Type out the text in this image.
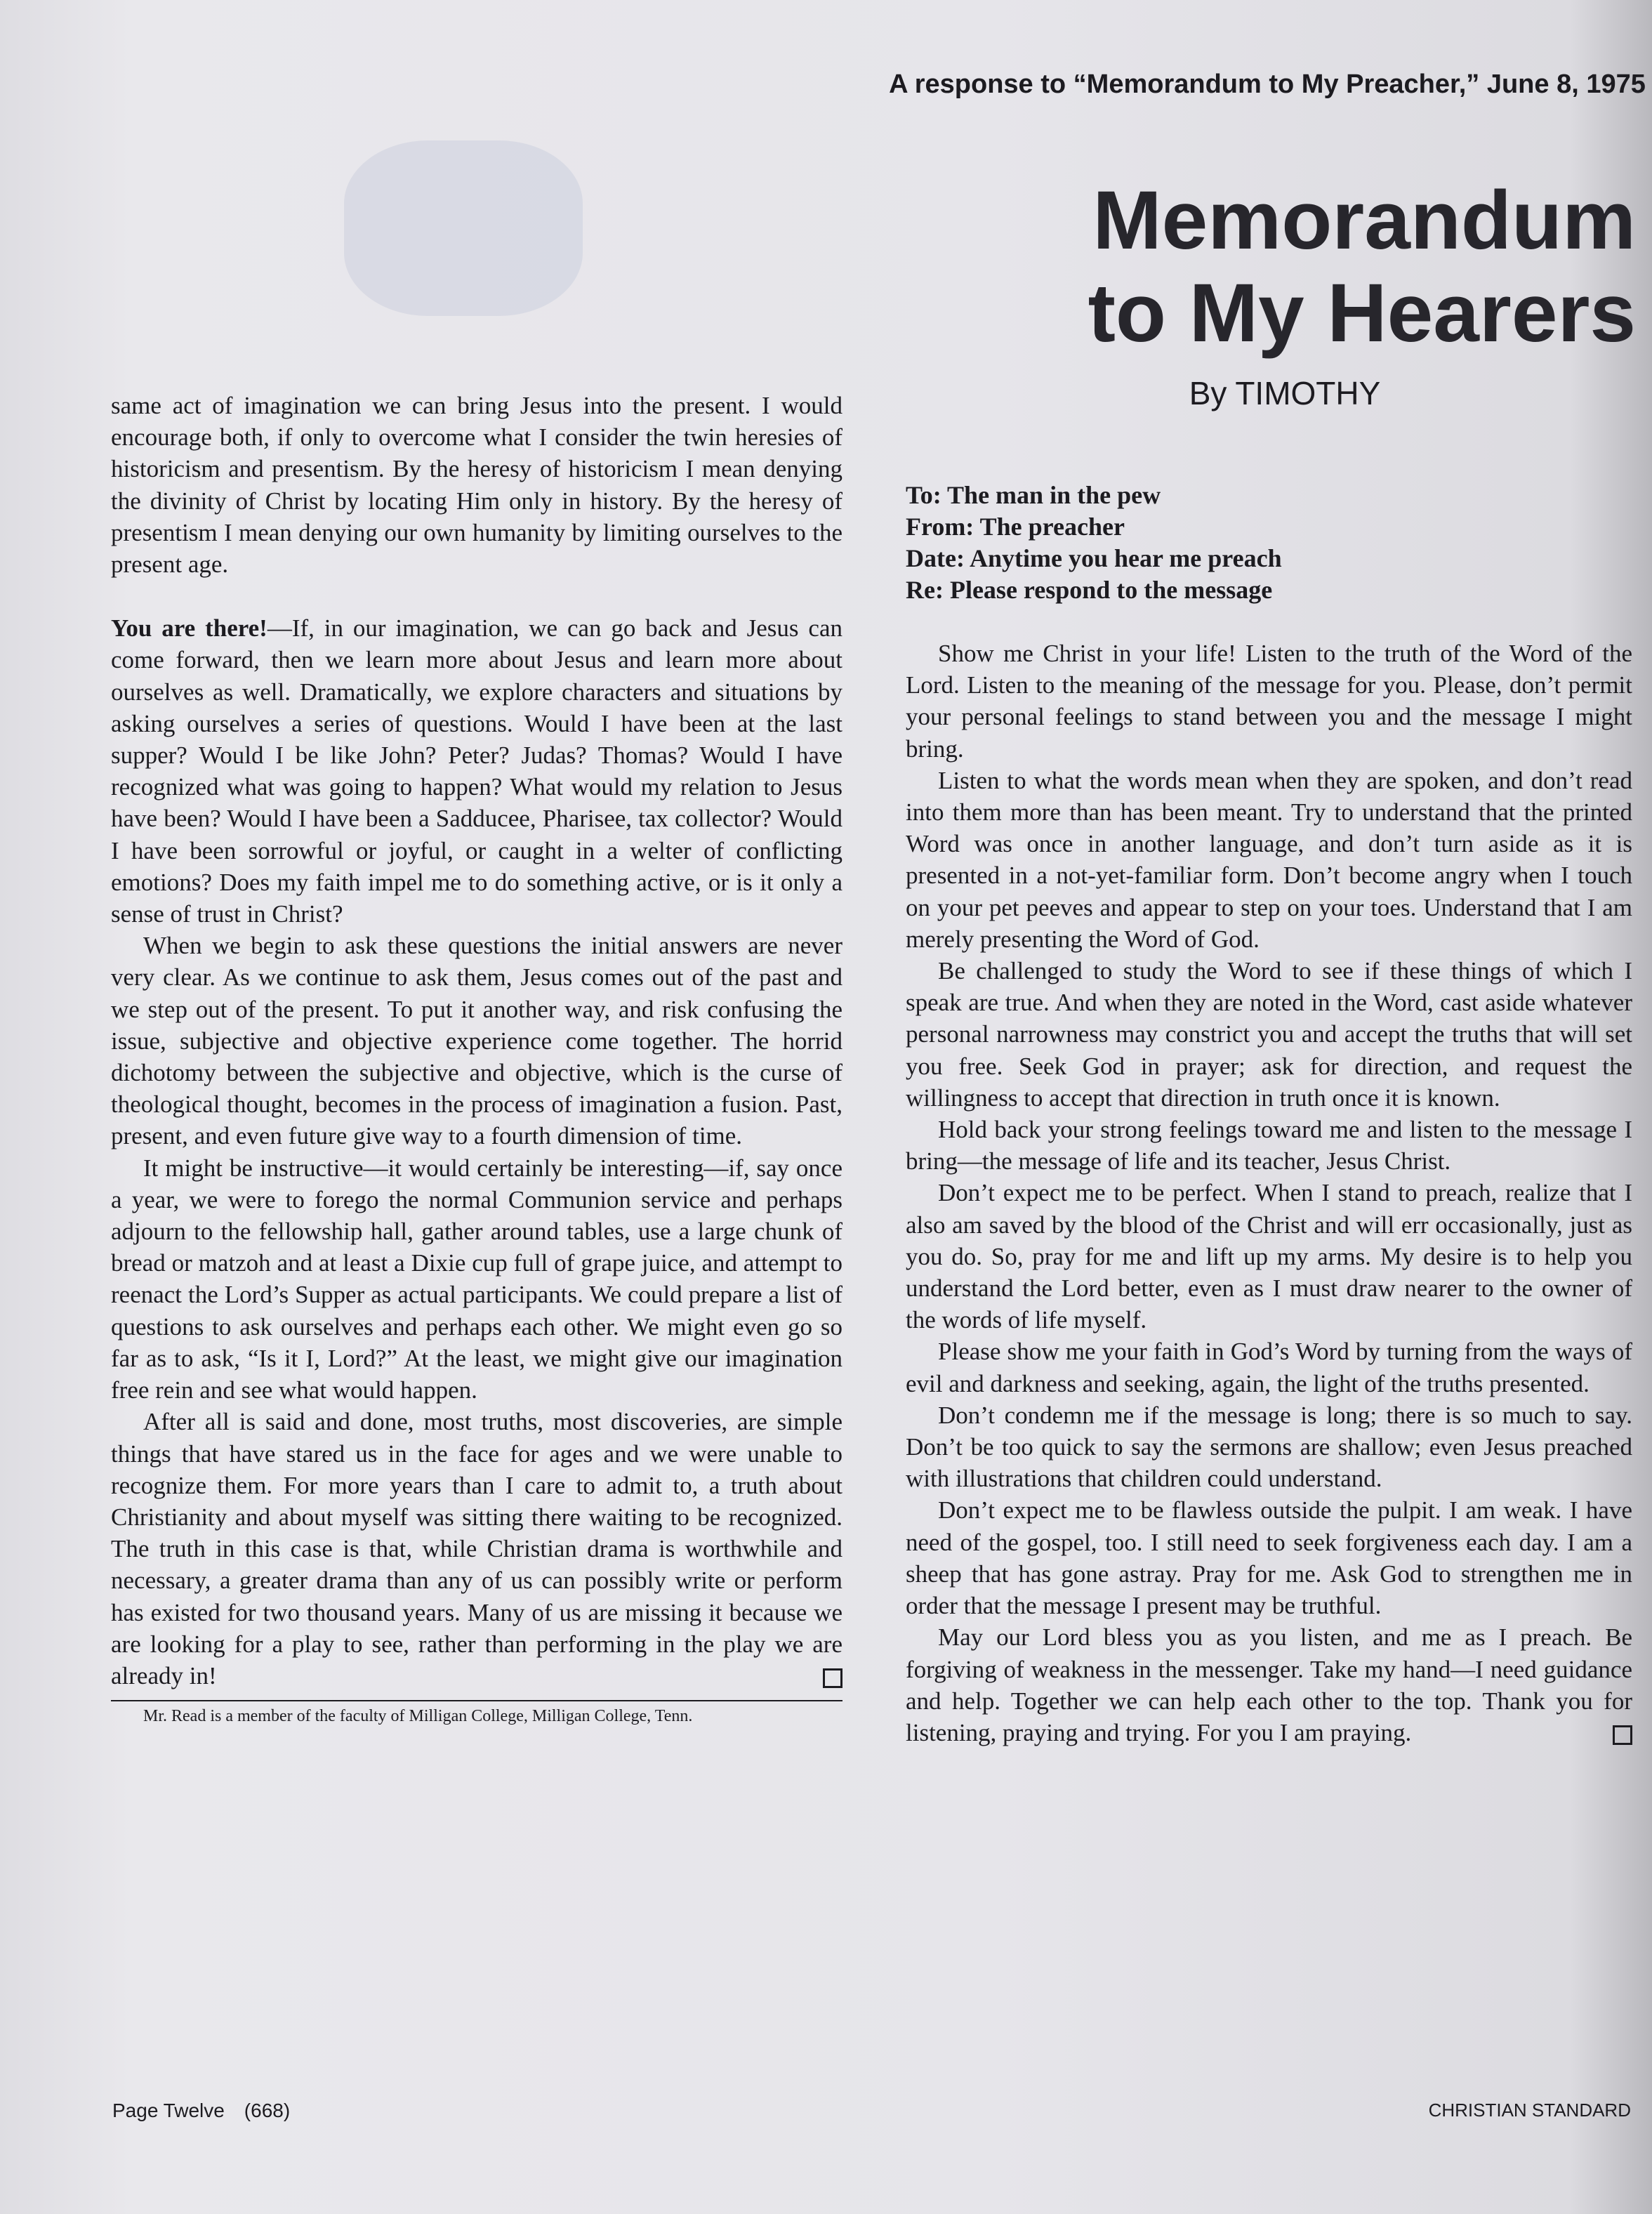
A response to “Memorandum to My Preacher,” June 8, 1975
Memorandum
to My Hearers
By TIMOTHY
To: The man in the pew
From: The preacher
Date: Anytime you hear me preach
Re: Please respond to the message

same act of imagination we can bring Jesus into the present. I would encourage both, if only to overcome what I consider the twin heresies of historicism and presentism. By the heresy of historicism I mean denying the divinity of Christ by locating Him only in history. By the heresy of presentism I mean denying our own humanity by limiting ourselves to the present age.

You are there!—If, in our imagination, we can go back and Jesus can come forward, then we learn more about Jesus and learn more about ourselves as well. Dramatically, we explore characters and situations by asking ourselves a series of questions. Would I have been at the last supper? Would I be like John? Peter? Judas? Thomas? Would I have recognized what was going to happen? What would my relation to Jesus have been? Would I have been a Sadducee, Pharisee, tax collector? Would I have been sorrowful or joyful, or caught in a welter of conflicting emotions? Does my faith impel me to do something active, or is it only a sense of trust in Christ?

When we begin to ask these questions the initial answers are never very clear. As we continue to ask them, Jesus comes out of the past and we step out of the present. To put it another way, and risk confusing the issue, subjective and objective experience come together. The horrid dichotomy between the subjective and objective, which is the curse of theological thought, becomes in the process of imagination a fusion. Past, present, and even future give way to a fourth dimension of time.

It might be instructive—it would certainly be interesting—if, say once a year, we were to forego the normal Communion service and perhaps adjourn to the fellowship hall, gather around tables, use a large chunk of bread or matzoh and at least a Dixie cup full of grape juice, and attempt to reenact the Lord’s Supper as actual participants. We could prepare a list of questions to ask ourselves and perhaps each other. We might even go so far as to ask, “Is it I, Lord?” At the least, we might give our imagination free rein and see what would happen.

After all is said and done, most truths, most discoveries, are simple things that have stared us in the face for ages and we were unable to recognize them. For more years than I care to admit to, a truth about Christianity and about myself was sitting there waiting to be recognized. The truth in this case is that, while Christian drama is worthwhile and necessary, a greater drama than any of us can possibly write or perform has existed for two thousand years. Many of us are missing it because we are looking for a play to see, rather than performing in the play we are already in!

Mr. Read is a member of the faculty of Milligan College, Milligan College, Tenn.

Show me Christ in your life! Listen to the truth of the Word of the Lord. Listen to the meaning of the message for you. Please, don’t permit your personal feelings to stand between you and the message I might bring.

Listen to what the words mean when they are spoken, and don’t read into them more than has been meant. Try to understand that the printed Word was once in another language, and don’t turn aside as it is presented in a not-yet-familiar form. Don’t become angry when I touch on your pet peeves and appear to step on your toes. Understand that I am merely presenting the Word of God.

Be challenged to study the Word to see if these things of which I speak are true. And when they are noted in the Word, cast aside whatever personal narrowness may constrict you and accept the truths that will set you free. Seek God in prayer; ask for direction, and request the willingness to accept that direction in truth once it is known.

Hold back your strong feelings toward me and listen to the message I bring—the message of life and its teacher, Jesus Christ.

Don’t expect me to be perfect. When I stand to preach, realize that I also am saved by the blood of the Christ and will err occasionally, just as you do. So, pray for me and lift up my arms. My desire is to help you understand the Lord better, even as I must draw nearer to the owner of the words of life myself.

Please show me your faith in God’s Word by turning from the ways of evil and darkness and seeking, again, the light of the truths presented.

Don’t condemn me if the message is long; there is so much to say. Don’t be too quick to say the sermons are shallow; even Jesus preached with illustrations that children could understand.

Don’t expect me to be flawless outside the pulpit. I am weak. I have need of the gospel, too. I still need to seek forgiveness each day. I am a sheep that has gone astray. Pray for me. Ask God to strengthen me in order that the message I present may be truthful.

May our Lord bless you as you listen, and me as I preach. Be forgiving of weakness in the messenger. Take my hand—I need guidance and help. Together we can help each other to the top. Thank you for listening, praying and trying. For you I am praying.

Page Twelve (668)	CHRISTIAN STANDARD
